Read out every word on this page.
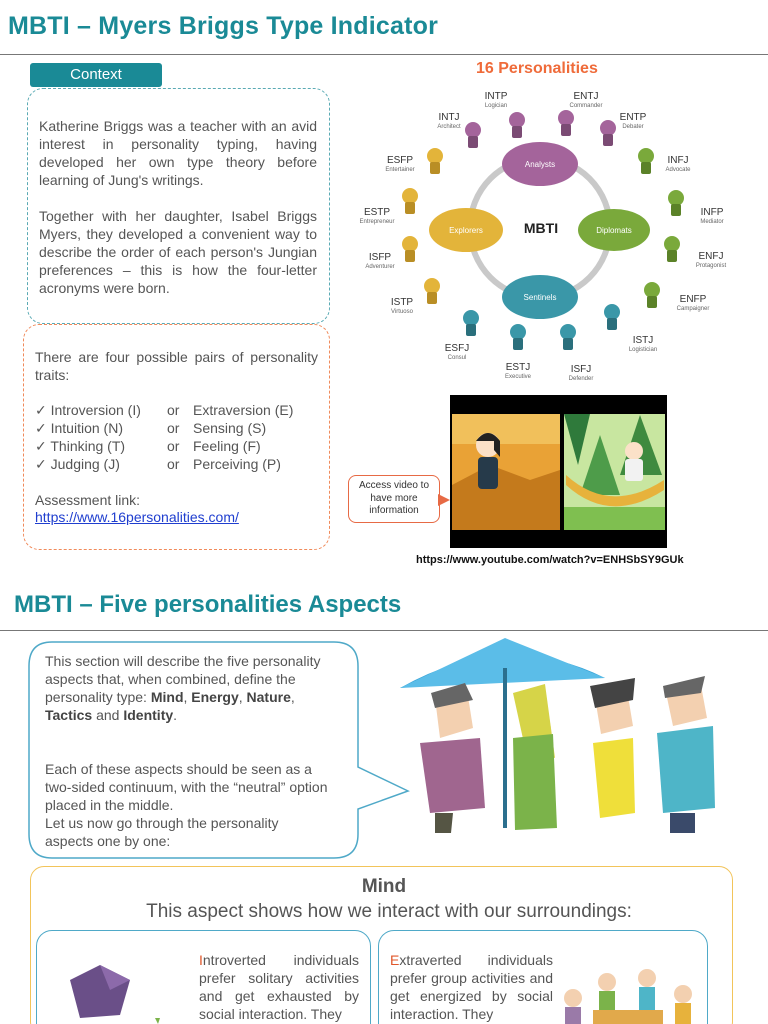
MBTI – Myers Briggs Type Indicator
Context
Katherine Briggs was a teacher with an avid interest in personality typing, having developed her own type theory before learning of Jung's writings.
Together with her daughter, Isabel Briggs Myers, they developed a convenient way to describe the order of each person's Jungian preferences – this is how the four-letter acronyms were born.
There are four possible pairs of personality traits:
✓ Introversion (I) or Extraversion (E)
✓ Intuition (N)	or Sensing (S)
✓ Thinking (T)	or Feeling (F)
✓ Judging (J)	or Perceiving (P)
Assessment link:
https://www.16personalities.com/
16 Personalities
Analysts
Diplomats
Sentinels
Explorers	MBTI
INTP
Logician
ENTJ
Commander
INTJ
Architect
ENTP
Debater
ESFP
Entertainer
INFJ
Advocate
ESTP
Entrepreneur
INFP
Mediator
ISFP
Adventurer
ENFJ
Protagonist
ISTP
Virtuoso
ENFP
Campaigner
ESFJ
Consul
ISTJ
Logistician
ESTJ
Executive
ISFJ
Defender
Access video to have more information
https://www.youtube.com/watch?v=ENHSbSY9GUk
MBTI – Five personalities Aspects
This section will describe the five personality aspects that, when combined, define the personality type: Mind, Energy, Nature, Tactics and Identity.
Each of these aspects should be seen as a two-sided continuum, with the “neutral” option placed in the middle.
Let us now go through the personality aspects one by one:
Mind
This aspect shows how we interact with our surroundings:
Introverted individuals prefer solitary activities and get exhausted by social interaction. They
Extraverted individuals prefer group activities and get energized by social interaction. They
